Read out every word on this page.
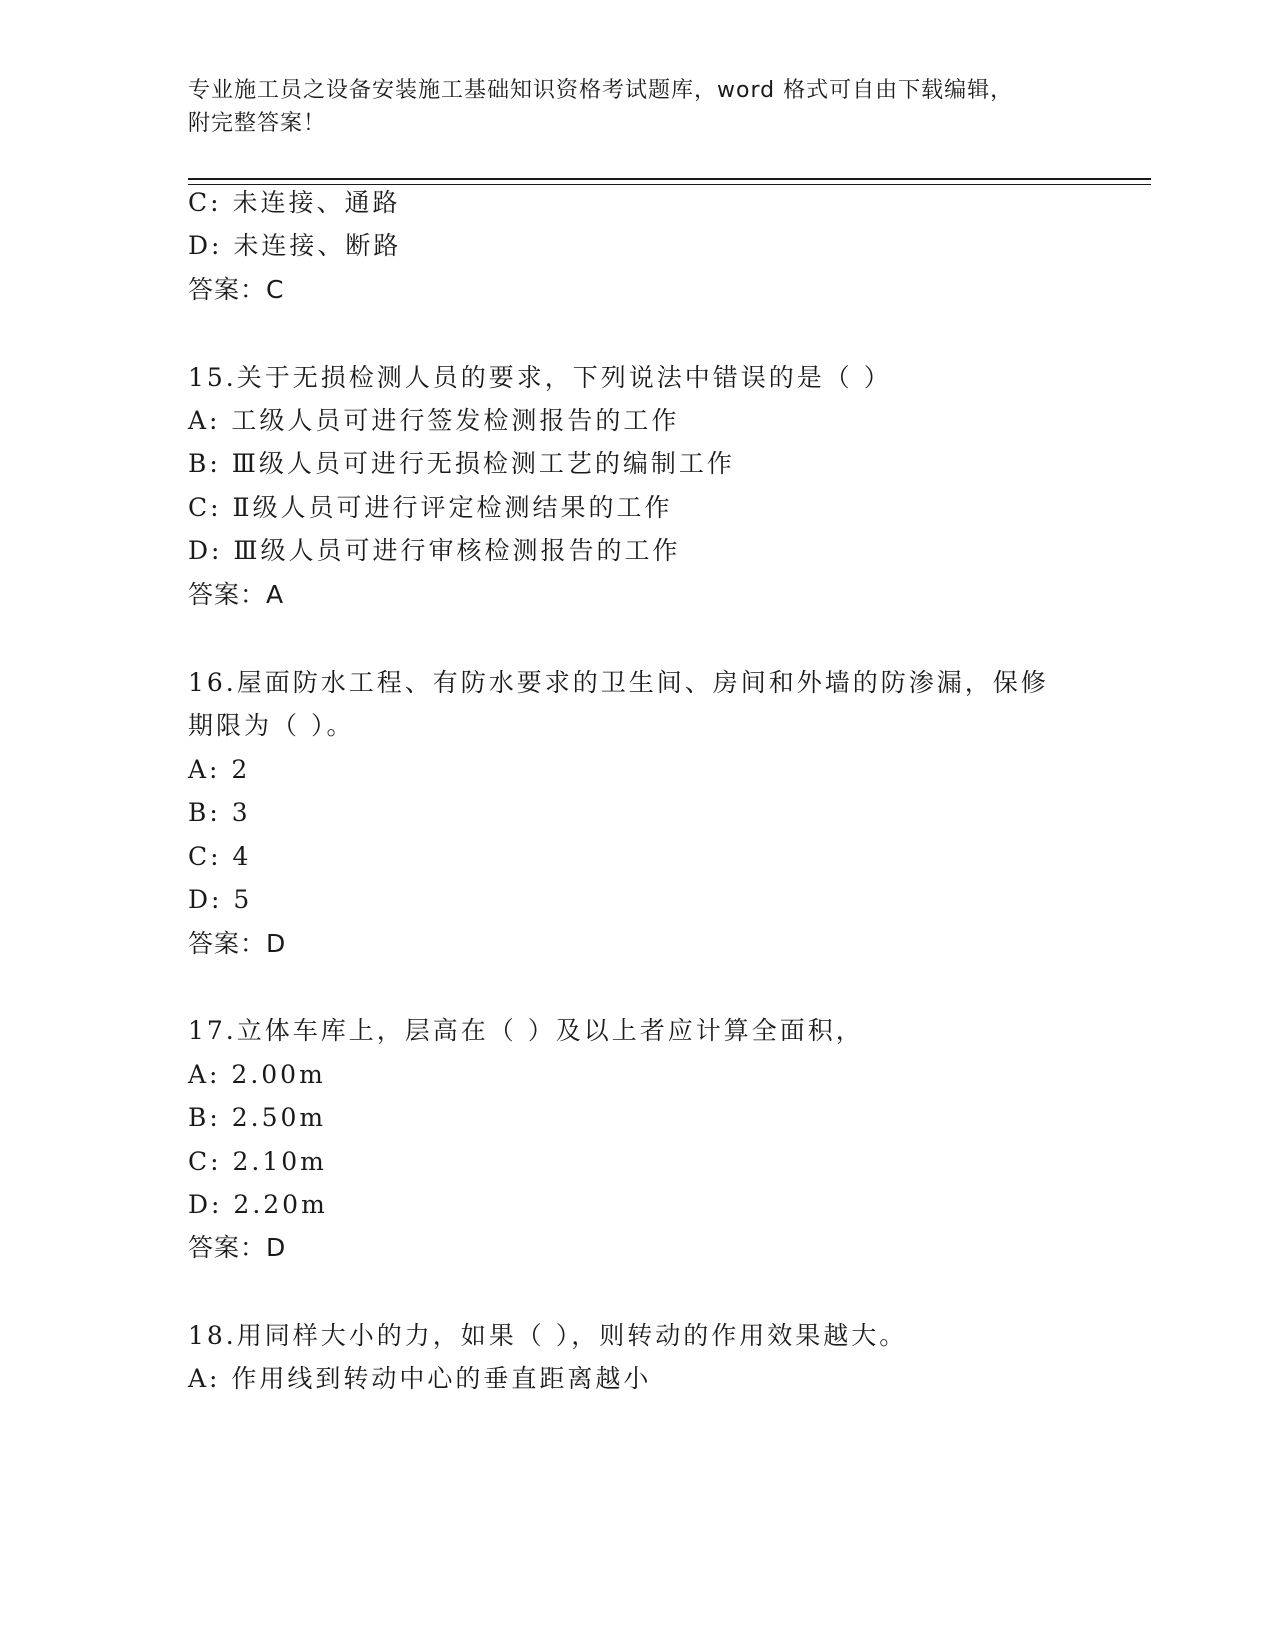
专业施工员之设备安装施工基础知识资格考试题库，word 格式可自由下载编辑，
附完整答案！
C: 未连接、通路
D: 未连接、断路
答案：C
15.关于无损检测人员的要求，下列说法中错误的是（ ）
A: 工级人员可进行签发检测报告的工作
B: Ⅲ级人员可进行无损检测工艺的编制工作
C: Ⅱ级人员可进行评定检测结果的工作
D: Ⅲ级人员可进行审核检测报告的工作
答案：A
16.屋面防水工程、有防水要求的卫生间、房间和外墙的防渗漏，保修
期限为（ ）。
A: 2
B: 3
C: 4
D: 5
答案：D
17.立体车库上，层高在（ ）及以上者应计算全面积，
A: 2.00m
B: 2.50m
C: 2.10m
D: 2.20m
答案：D
18.用同样大小的力，如果（ ），则转动的作用效果越大。
A: 作用线到转动中心的垂直距离越小
